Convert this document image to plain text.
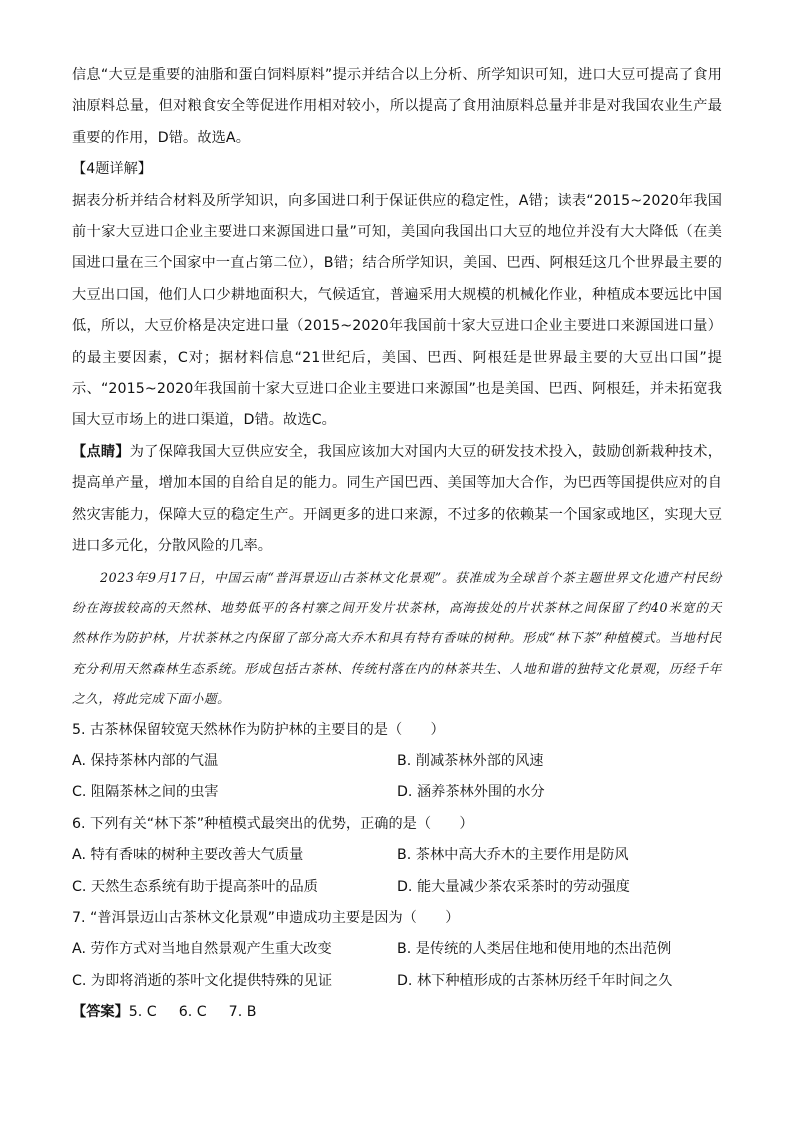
信息“大豆是重要的油脂和蛋白饲料原料”提示并结合以上分析、所学知识可知，进口大豆可提高了食用油原料总量，但对粮食安全等促进作用相对较小，所以提高了食用油原料总量并非是对我国农业生产最重要的作用，D错。故选A。

【4题详解】

据表分析并结合材料及所学知识，向多国进口利于保证供应的稳定性，A错；读表“2015~2020年我国前十家大豆进口企业主要进口来源国进口量”可知，美国向我国出口大豆的地位并没有大大降低（在美国进口量在三个国家中一直占第二位），B错；结合所学知识，美国、巴西、阿根廷这几个世界最主要的大豆出口国，他们人口少耕地面积大，气候适宜，普遍采用大规模的机械化作业，种植成本要远比中国低，所以，大豆价格是决定进口量（2015~2020年我国前十家大豆进口企业主要进口来源国进口量）的最主要因素，C对；据材料信息“21世纪后，美国、巴西、阿根廷是世界最主要的大豆出口国”提示、“2015~2020年我国前十家大豆进口企业主要进口来源国”也是美国、巴西、阿根廷，并未拓宽我国大豆市场上的进口渠道，D错。故选C。

【点睛】为了保障我国大豆供应安全，我国应该加大对国内大豆的研发技术投入，鼓励创新栽种技术，提高单产量，增加本国的自给自足的能力。同生产国巴西、美国等加大合作，为巴西等国提供应对的自然灾害能力，保障大豆的稳定生产。开阔更多的进口来源，不过多的依赖某一个国家或地区，实现大豆进口多元化，分散风险的几率。

2023年9月17日，中国云南“普洱景迈山古茶林文化景观”。获准成为全球首个茶主题世界文化遗产村民纷纷在海拔较高的天然林、地势低平的各村寨之间开发片状茶林，高海拔处的片状茶林之间保留了约40米宽的天然林作为防护林，片状茶林之内保留了部分高大乔木和具有特有香味的树种。形成“林下茶”种植模式。当地村民充分利用天然森林生态系统。形成包括古茶林、传统村落在内的林茶共生、人地和谐的独特文化景观，历经千年之久，将此完成下面小题。

5. 古茶林保留较宽天然林作为防护林的主要目的是（　　）

A. 保持茶林内部的气温	B. 削减茶林外部的风速
C. 阻隔茶林之间的虫害	D. 涵养茶林外围的水分

6. 下列有关“林下茶”种植模式最突出的优势，正确的是（　　）

A. 特有香味的树种主要改善大气质量	B. 茶林中高大乔木的主要作用是防风
C. 天然生态系统有助于提高茶叶的品质	D. 能大量减少茶农采茶时的劳动强度

7. “普洱景迈山古茶林文化景观”申遗成功主要是因为（　　）

A. 劳作方式对当地自然景观产生重大改变	B. 是传统的人类居住地和使用地的杰出范例
C. 为即将消逝的茶叶文化提供特殊的见证	D. 林下种植形成的古茶林历经千年时间之久

【答案】5. C 6. C 7. B
